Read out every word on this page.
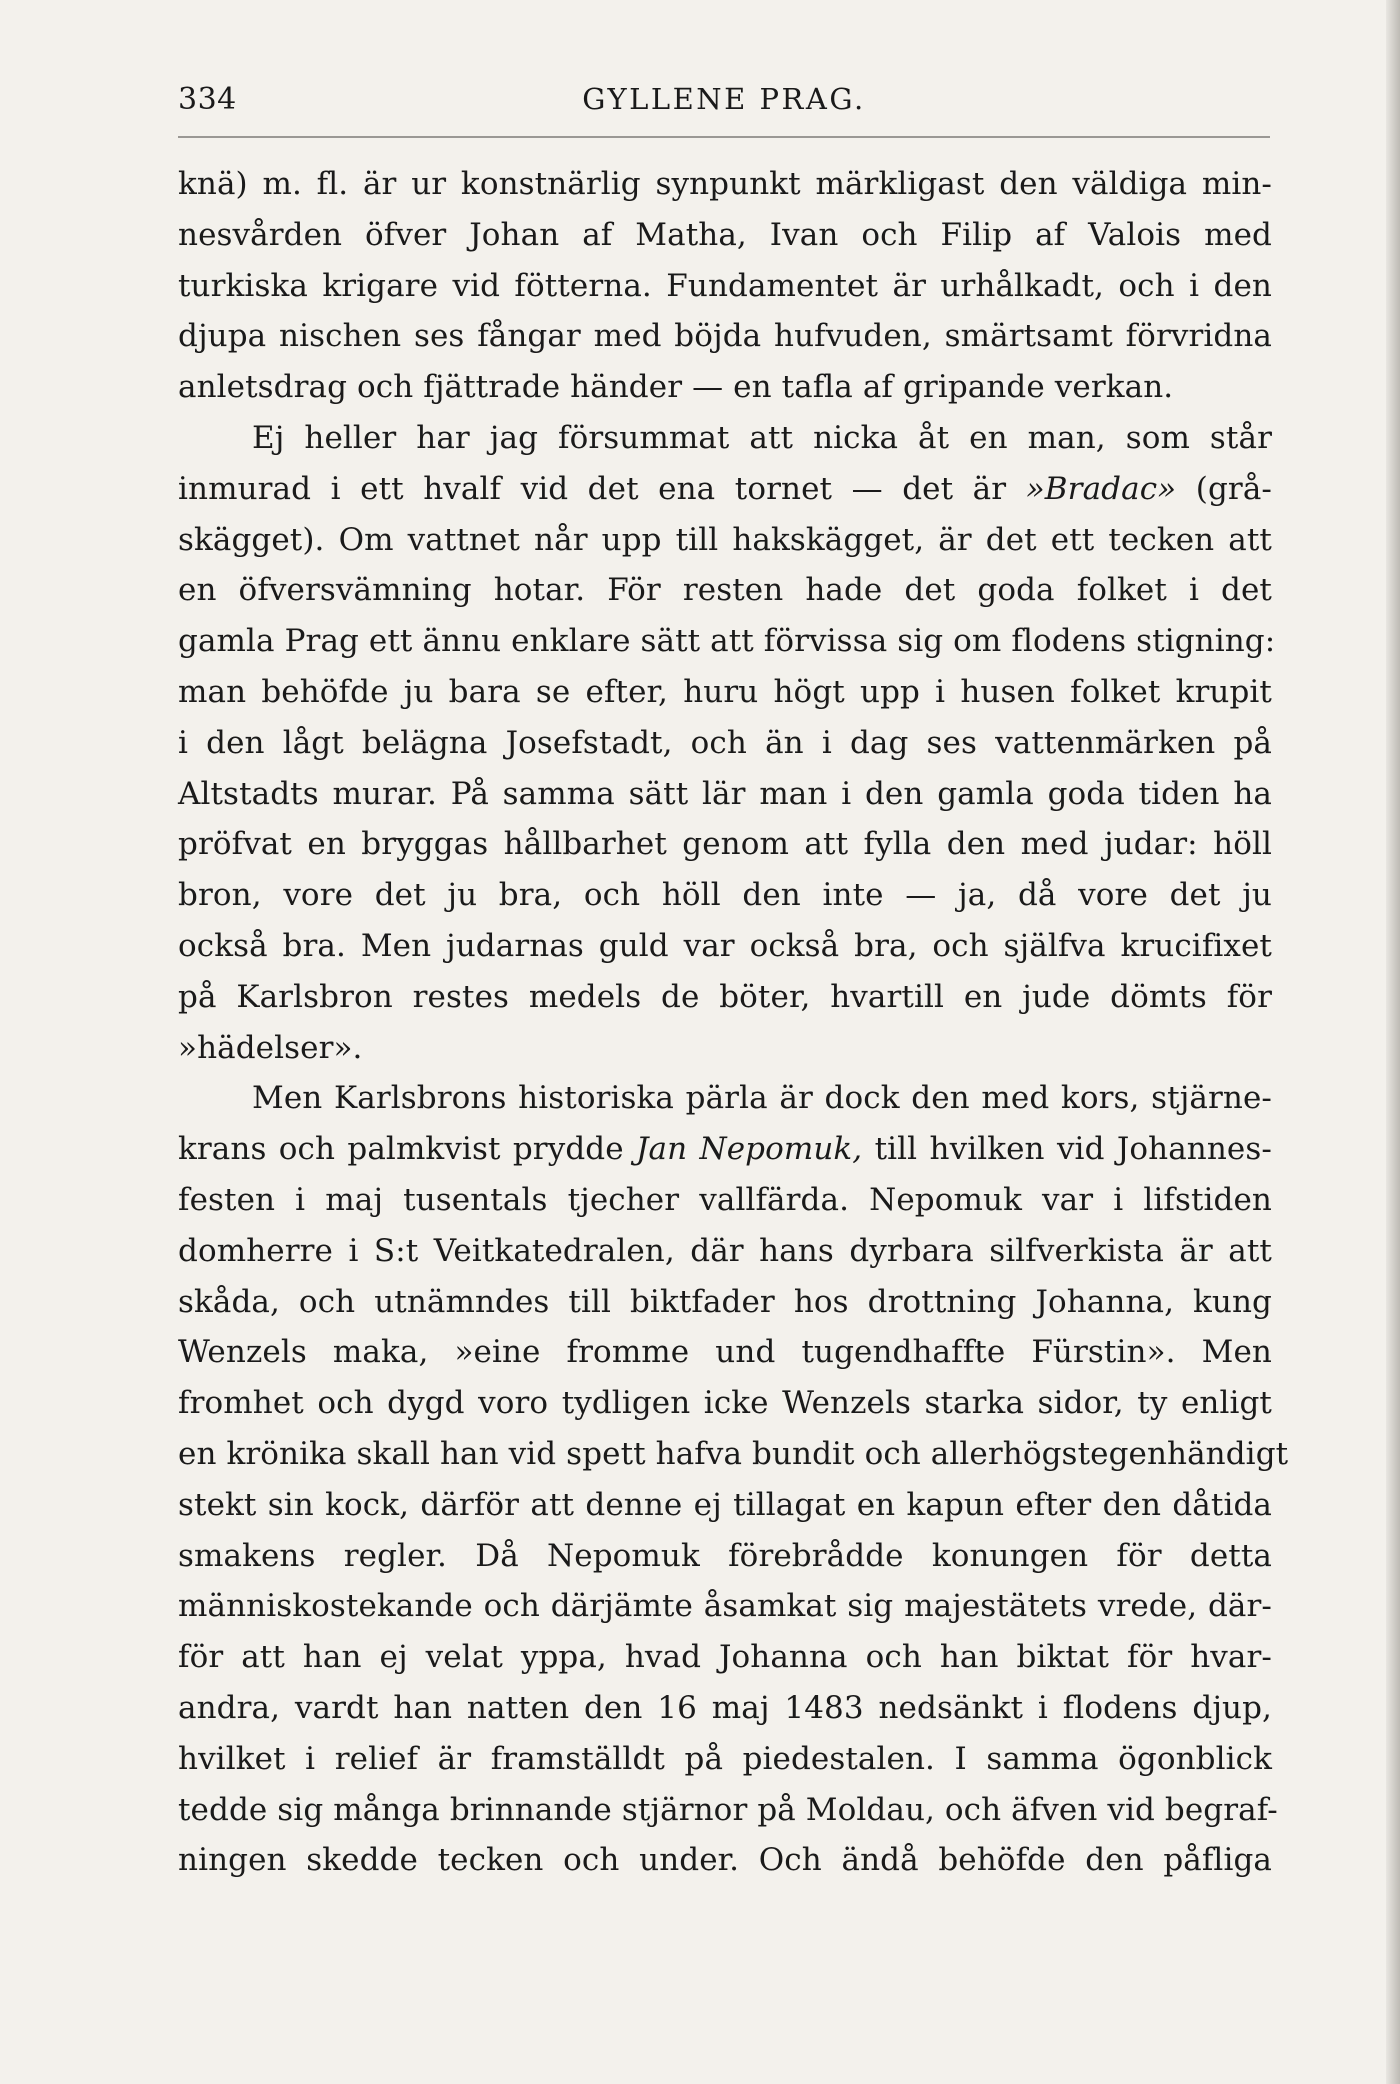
334	GYLLENE PRAG.
knä) m. fl. är ur konstnärlig synpunkt märkligast den väldiga min-
nesvården öfver Johan af Matha, Ivan och Filip af Valois med
turkiska krigare vid fötterna. Fundamentet är urhålkadt, och i den
djupa nischen ses fångar med böjda hufvuden, smärtsamt förvridna
anletsdrag och fjättrade händer — en tafla af gripande verkan.
Ej heller har jag försummat att nicka åt en man, som står
inmurad i ett hvalf vid det ena tornet — det är »Bradac» (grå-
skägget). Om vattnet når upp till hakskägget, är det ett tecken att
en öfversvämning hotar. För resten hade det goda folket i det
gamla Prag ett ännu enklare sätt att förvissa sig om flodens stigning:
man behöfde ju bara se efter, huru högt upp i husen folket krupit
i den lågt belägna Josefstadt, och än i dag ses vattenmärken på
Altstadts murar. På samma sätt lär man i den gamla goda tiden ha
pröfvat en bryggas hållbarhet genom att fylla den med judar: höll
bron, vore det ju bra, och höll den inte — ja, då vore det ju
också bra. Men judarnas guld var också bra, och själfva krucifixet
på Karlsbron restes medels de böter, hvartill en jude dömts för
»hädelser».
Men Karlsbrons historiska pärla är dock den med kors, stjärne-
krans och palmkvist prydde Jan Nepomuk, till hvilken vid Johannes-
festen i maj tusentals tjecher vallfärda. Nepomuk var i lifstiden
domherre i S:t Veitkatedralen, där hans dyrbara silfverkista är att
skåda, och utnämndes till biktfader hos drottning Johanna, kung
Wenzels maka, »eine fromme und tugendhaffte Fürstin». Men
fromhet och dygd voro tydligen icke Wenzels starka sidor, ty enligt
en krönika skall han vid spett hafva bundit och allerhögstegenhändigt
stekt sin kock, därför att denne ej tillagat en kapun efter den dåtida
smakens regler. Då Nepomuk förebrådde konungen för detta
människostekande och därjämte åsamkat sig majestätets vrede, där-
för att han ej velat yppa, hvad Johanna och han biktat för hvar-
andra, vardt han natten den 16 maj 1483 nedsänkt i flodens djup,
hvilket i relief är framställdt på piedestalen. I samma ögonblick
tedde sig många brinnande stjärnor på Moldau, och äfven vid begraf-
ningen skedde tecken och under. Och ändå behöfde den påfliga
